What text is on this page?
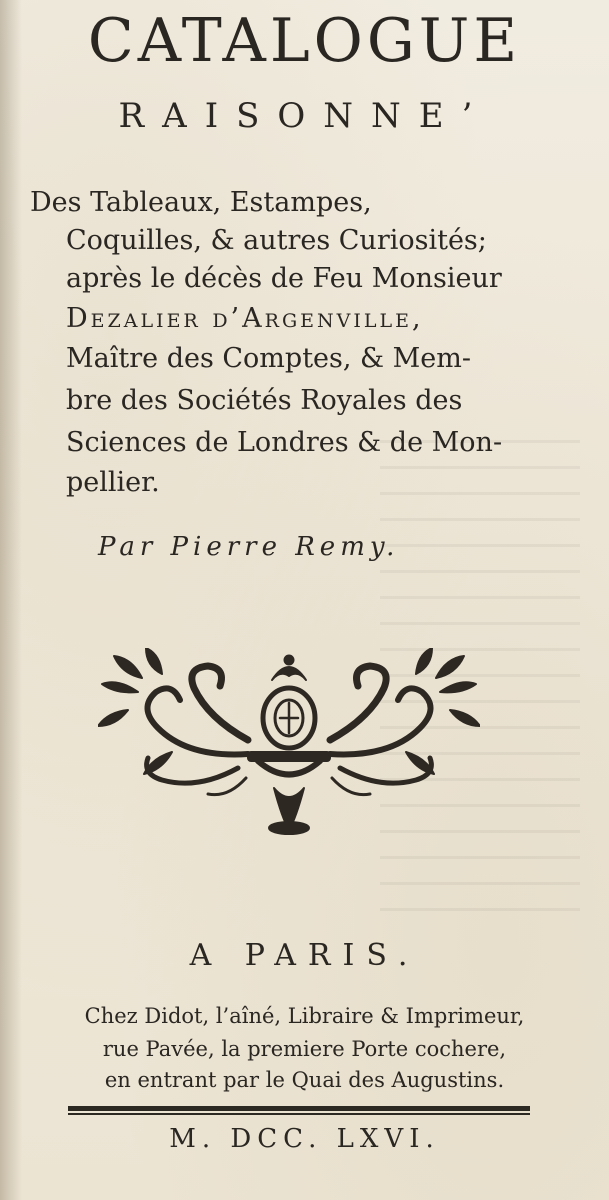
CATALOGUE
RAISONNE’
Des Tableaux, Estampes,
Coquilles, & autres Curiosités;
après le décès de Feu Monsieur
Dezalier d’Argenville,
Maître des Comptes, & Mem-
bre des Sociétés Royales des
Sciences de Londres & de Mon-
pellier.
Par Pierre Remy.
A PARIS.
Chez Didot, l’aîné, Libraire & Imprimeur,
rue Pavée, la premiere Porte cochere,
en entrant par le Quai des Augustins.
M. DCC. LXVI.
